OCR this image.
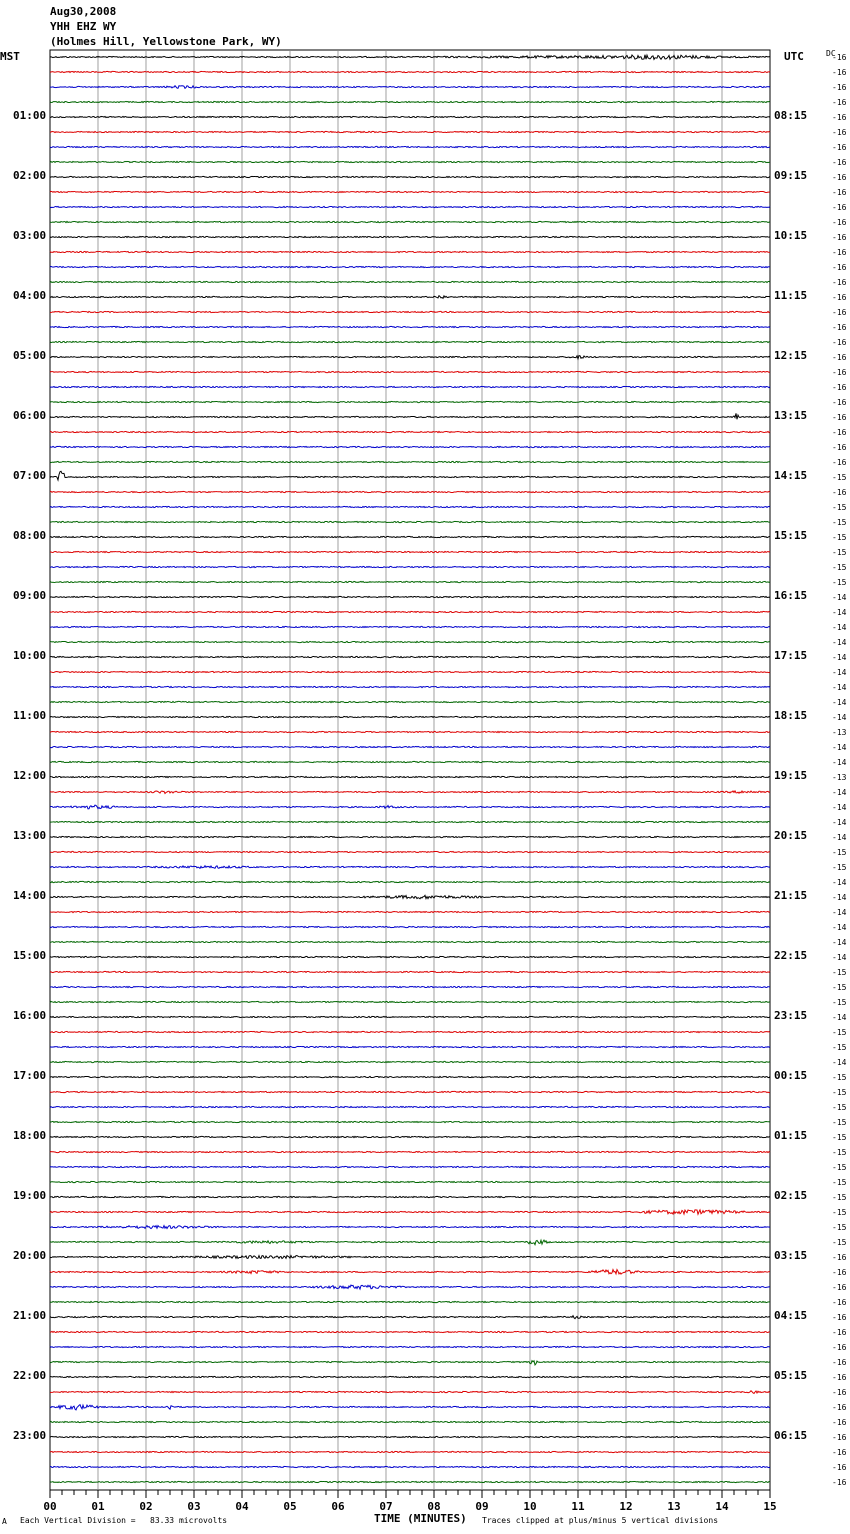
00	01	02	03	04	05	06	07	08	09	10	11	12	13	14	15
Aug30,2008
YHH EHZ WY
(Holmes Hill, Yellowstone Park, WY)
MST	UTC	DC
01:00
02:00
03:00
04:00
05:00
06:00
07:00
08:00
09:00
10:00
11:00
12:00
13:00
14:00
15:00
16:00
17:00
18:00
19:00
20:00
21:00
22:00
23:00
08:15
09:15
10:15
11:15
12:15
13:15
14:15
15:15
16:15
17:15
18:15
19:15
20:15
21:15
22:15
23:15
00:15
01:15
02:15
03:15
04:15
05:15
06:15
-16
-16
-16
-16
-16
-16
-16
-16
-16
-16
-16
-16
-16
-16
-16
-16
-16
-16
-16
-16
-16
-16
-16
-16
-16
-16
-16
-16
-15
-16
-15
-15
-15
-15
-15
-15
-14
-14
-14
-14
-14
-14
-14
-14
-14
-13
-14
-14
-13
-14
-14
-14
-14
-15
-15
-14
-14
-14
-14
-14
-14
-15
-15
-15
-14
-15
-15
-14
-15
-15
-15
-15
-15
-15
-15
-15
-15
-15
-15
-15
-16
-16
-16
-16
-16
-16
-16
-16
-16
-16
-16
-16
-16
-16
-16
-16
A Each Vertical Division =   83.33 microvolts	TIME (MINUTES) Traces clipped at plus/minus 5 vertical divisions
